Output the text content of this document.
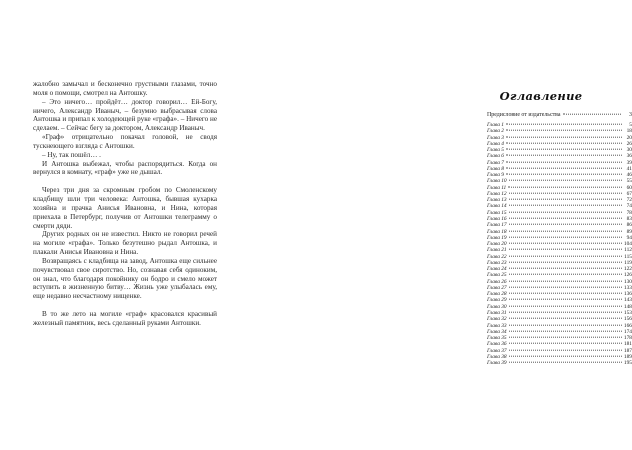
жалобно замычал и бесконечно грустными глазами, точно моля о помощи, смотрел на Антошку.

– Это ничего… пройдёт… доктор говорил… Ей-Богу, ничего, Александр Иваныч, – безумно выбрасывая слова Антошка и припал к холодеющей руке «графа». – Ничего не сделаем. – Сейчас бегу за доктором, Александр Иваныч.

«Граф» отрицательно покачал головой, не сводя тускнеющего взгляда с Антошки.

– Ну, так пошёл… .

И Антошка выбежал, чтобы распорядиться. Когда он вернулся в комнату, «граф» уже не дышал.

Через три дня за скромным гробом по Смоленскому кладбищу шли три человека: Антошка, бывшая кухарка хозяйна и прачка Анисья Ивановна, и Нина, которая приехала в Петербург, получив от Антошки телеграмму о смерти дяди.

Других родных он не известил. Никто не говорил речей на могиле «графа». Только безутешно рыдал Антошка, и плакали Анисья Ивановна и Нина.

Возвращаясь с кладбища на завод, Антошка еще сильнее почувствовал свое сиротство. Но, сознавая себя одиноким, он знал, что благодаря покойнику он бодро и смело может вступить в жизненную битву… Жизнь уже улыбалась ему, еще недавно несчастному нищенке.

В то же лето на могиле «граф» красовался красивый железный памятник, весь сделанный руками Антошки.

Оглавление
Предисловие от издательства	3
Глава 1	5
Глава 2	18
Глава 3	20
Глава 4	26
Глава 5	30
Глава 6	36
Глава 7	39
Глава 8	41
Глава 9	46
Глава 10	55
Глава 11	60
Глава 12	67
Глава 13	72
Глава 14	74
Глава 15	78
Глава 16	83
Глава 17	86
Глава 18	89
Глава 19	94
Глава 20	104
Глава 21	112
Глава 22	115
Глава 23	119
Глава 24	122
Глава 25	126
Глава 26	130
Глава 27	133
Глава 28	136
Глава 29	143
Глава 30	148
Глава 31	153
Глава 32	156
Глава 33	166
Глава 34	174
Глава 35	178
Глава 36	181
Глава 37	187
Глава 38	189
Глава 39	195
